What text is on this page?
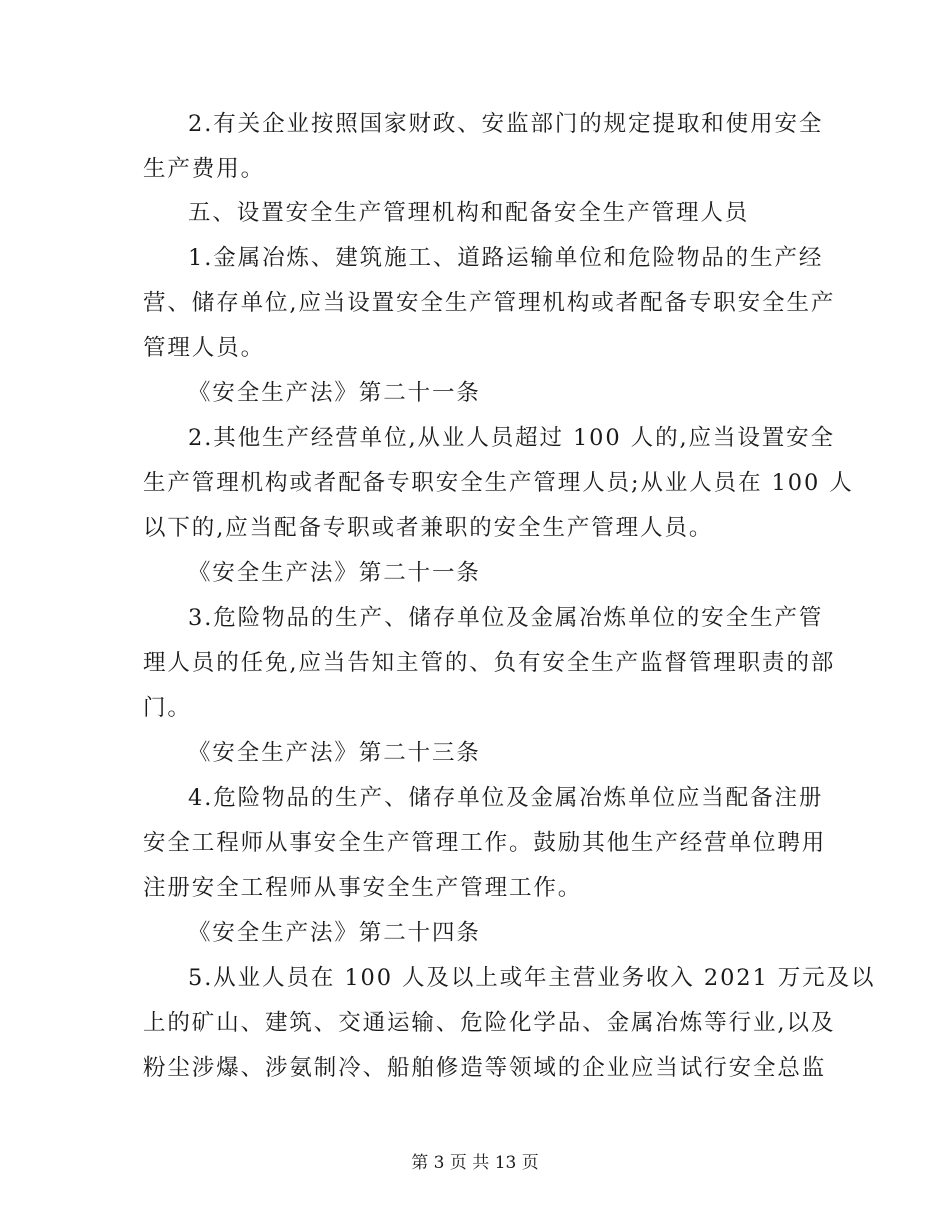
2.有关企业按照国家财政、安监部门的规定提取和使用安全
生产费用。
五、设置安全生产管理机构和配备安全生产管理人员
1.金属冶炼、建筑施工、道路运输单位和危险物品的生产经
营、储存单位,应当设置安全生产管理机构或者配备专职安全生产
管理人员。
《安全生产法》第二十一条
2.其他生产经营单位,从业人员超过 100 人的,应当设置安全
生产管理机构或者配备专职安全生产管理人员;从业人员在 100 人
以下的,应当配备专职或者兼职的安全生产管理人员。
《安全生产法》第二十一条
3.危险物品的生产、储存单位及金属冶炼单位的安全生产管
理人员的任免,应当告知主管的、负有安全生产监督管理职责的部
门。
《安全生产法》第二十三条
4.危险物品的生产、储存单位及金属冶炼单位应当配备注册
安全工程师从事安全生产管理工作。鼓励其他生产经营单位聘用
注册安全工程师从事安全生产管理工作。
《安全生产法》第二十四条
5.从业人员在 100 人及以上或年主营业务收入 2021 万元及以
上的矿山、建筑、交通运输、危险化学品、金属冶炼等行业,以及
粉尘涉爆、涉氨制冷、船舶修造等领域的企业应当试行安全总监
第 3 页 共 13 页
